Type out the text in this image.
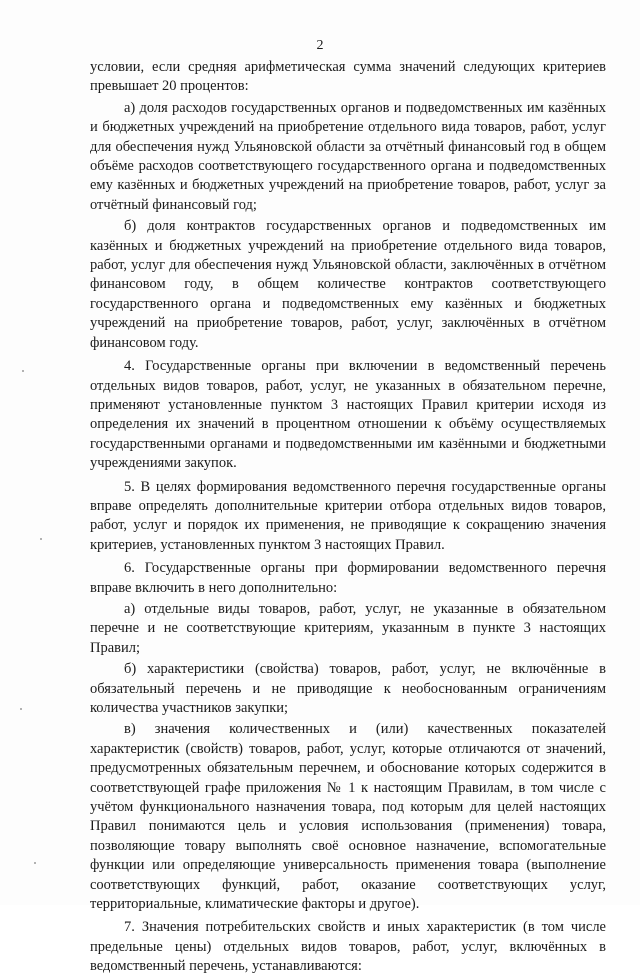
2

условии, если средняя арифметическая сумма значений следующих критериев превышает 20 процентов:

а) доля расходов государственных органов и подведомственных им казённых и бюджетных учреждений на приобретение отдельного вида товаров, работ, услуг для обеспечения нужд Ульяновской области за отчётный финансовый год в общем объёме расходов соответствующего государственного органа и подведомственных ему казённых и бюджетных учреждений на приобретение товаров, работ, услуг за отчётный финансовый год;

б) доля контрактов государственных органов и подведомственных им казённых и бюджетных учреждений на приобретение отдельного вида товаров, работ, услуг для обеспечения нужд Ульяновской области, заключённых в отчётном финансовом году, в общем количестве контрактов соответствующего государственного органа и подведомственных ему казённых и бюджетных учреждений на приобретение товаров, работ, услуг, заключённых в отчётном финансовом году.

4. Государственные органы при включении в ведомственный перечень отдельных видов товаров, работ, услуг, не указанных в обязательном перечне, применяют установленные пунктом 3 настоящих Правил критерии исходя из определения их значений в процентном отношении к объёму осуществляемых государственными органами и подведомственными им казёнными и бюджетными учреждениями закупок.

5. В целях формирования ведомственного перечня государственные органы вправе определять дополнительные критерии отбора отдельных видов товаров, работ, услуг и порядок их применения, не приводящие к сокращению значения критериев, установленных пунктом 3 настоящих Правил.

6. Государственные органы при формировании ведомственного перечня вправе включить в него дополнительно:

а) отдельные виды товаров, работ, услуг, не указанные в обязательном перечне и не соответствующие критериям, указанным в пункте 3 настоящих Правил;

б) характеристики (свойства) товаров, работ, услуг, не включённые в обязательный перечень и не приводящие к необоснованным ограничениям количества участников закупки;

в) значения количественных и (или) качественных показателей характеристик (свойств) товаров, работ, услуг, которые отличаются от значений, предусмотренных обязательным перечнем, и обоснование которых содержится в соответствующей графе приложения № 1 к настоящим Правилам, в том числе с учётом функционального назначения товара, под которым для целей настоящих Правил понимаются цель и условия использования (применения) товара, позволяющие товару выполнять своё основное назначение, вспомогательные функции или определяющие универсальность применения товара (выполнение соответствующих функций, работ, оказание соответствующих услуг, территориальные, климатические факторы и другое).

7. Значения потребительских свойств и иных характеристик (в том числе предельные цены) отдельных видов товаров, работ, услуг, включённых в ведомственный перечень, устанавливаются:
